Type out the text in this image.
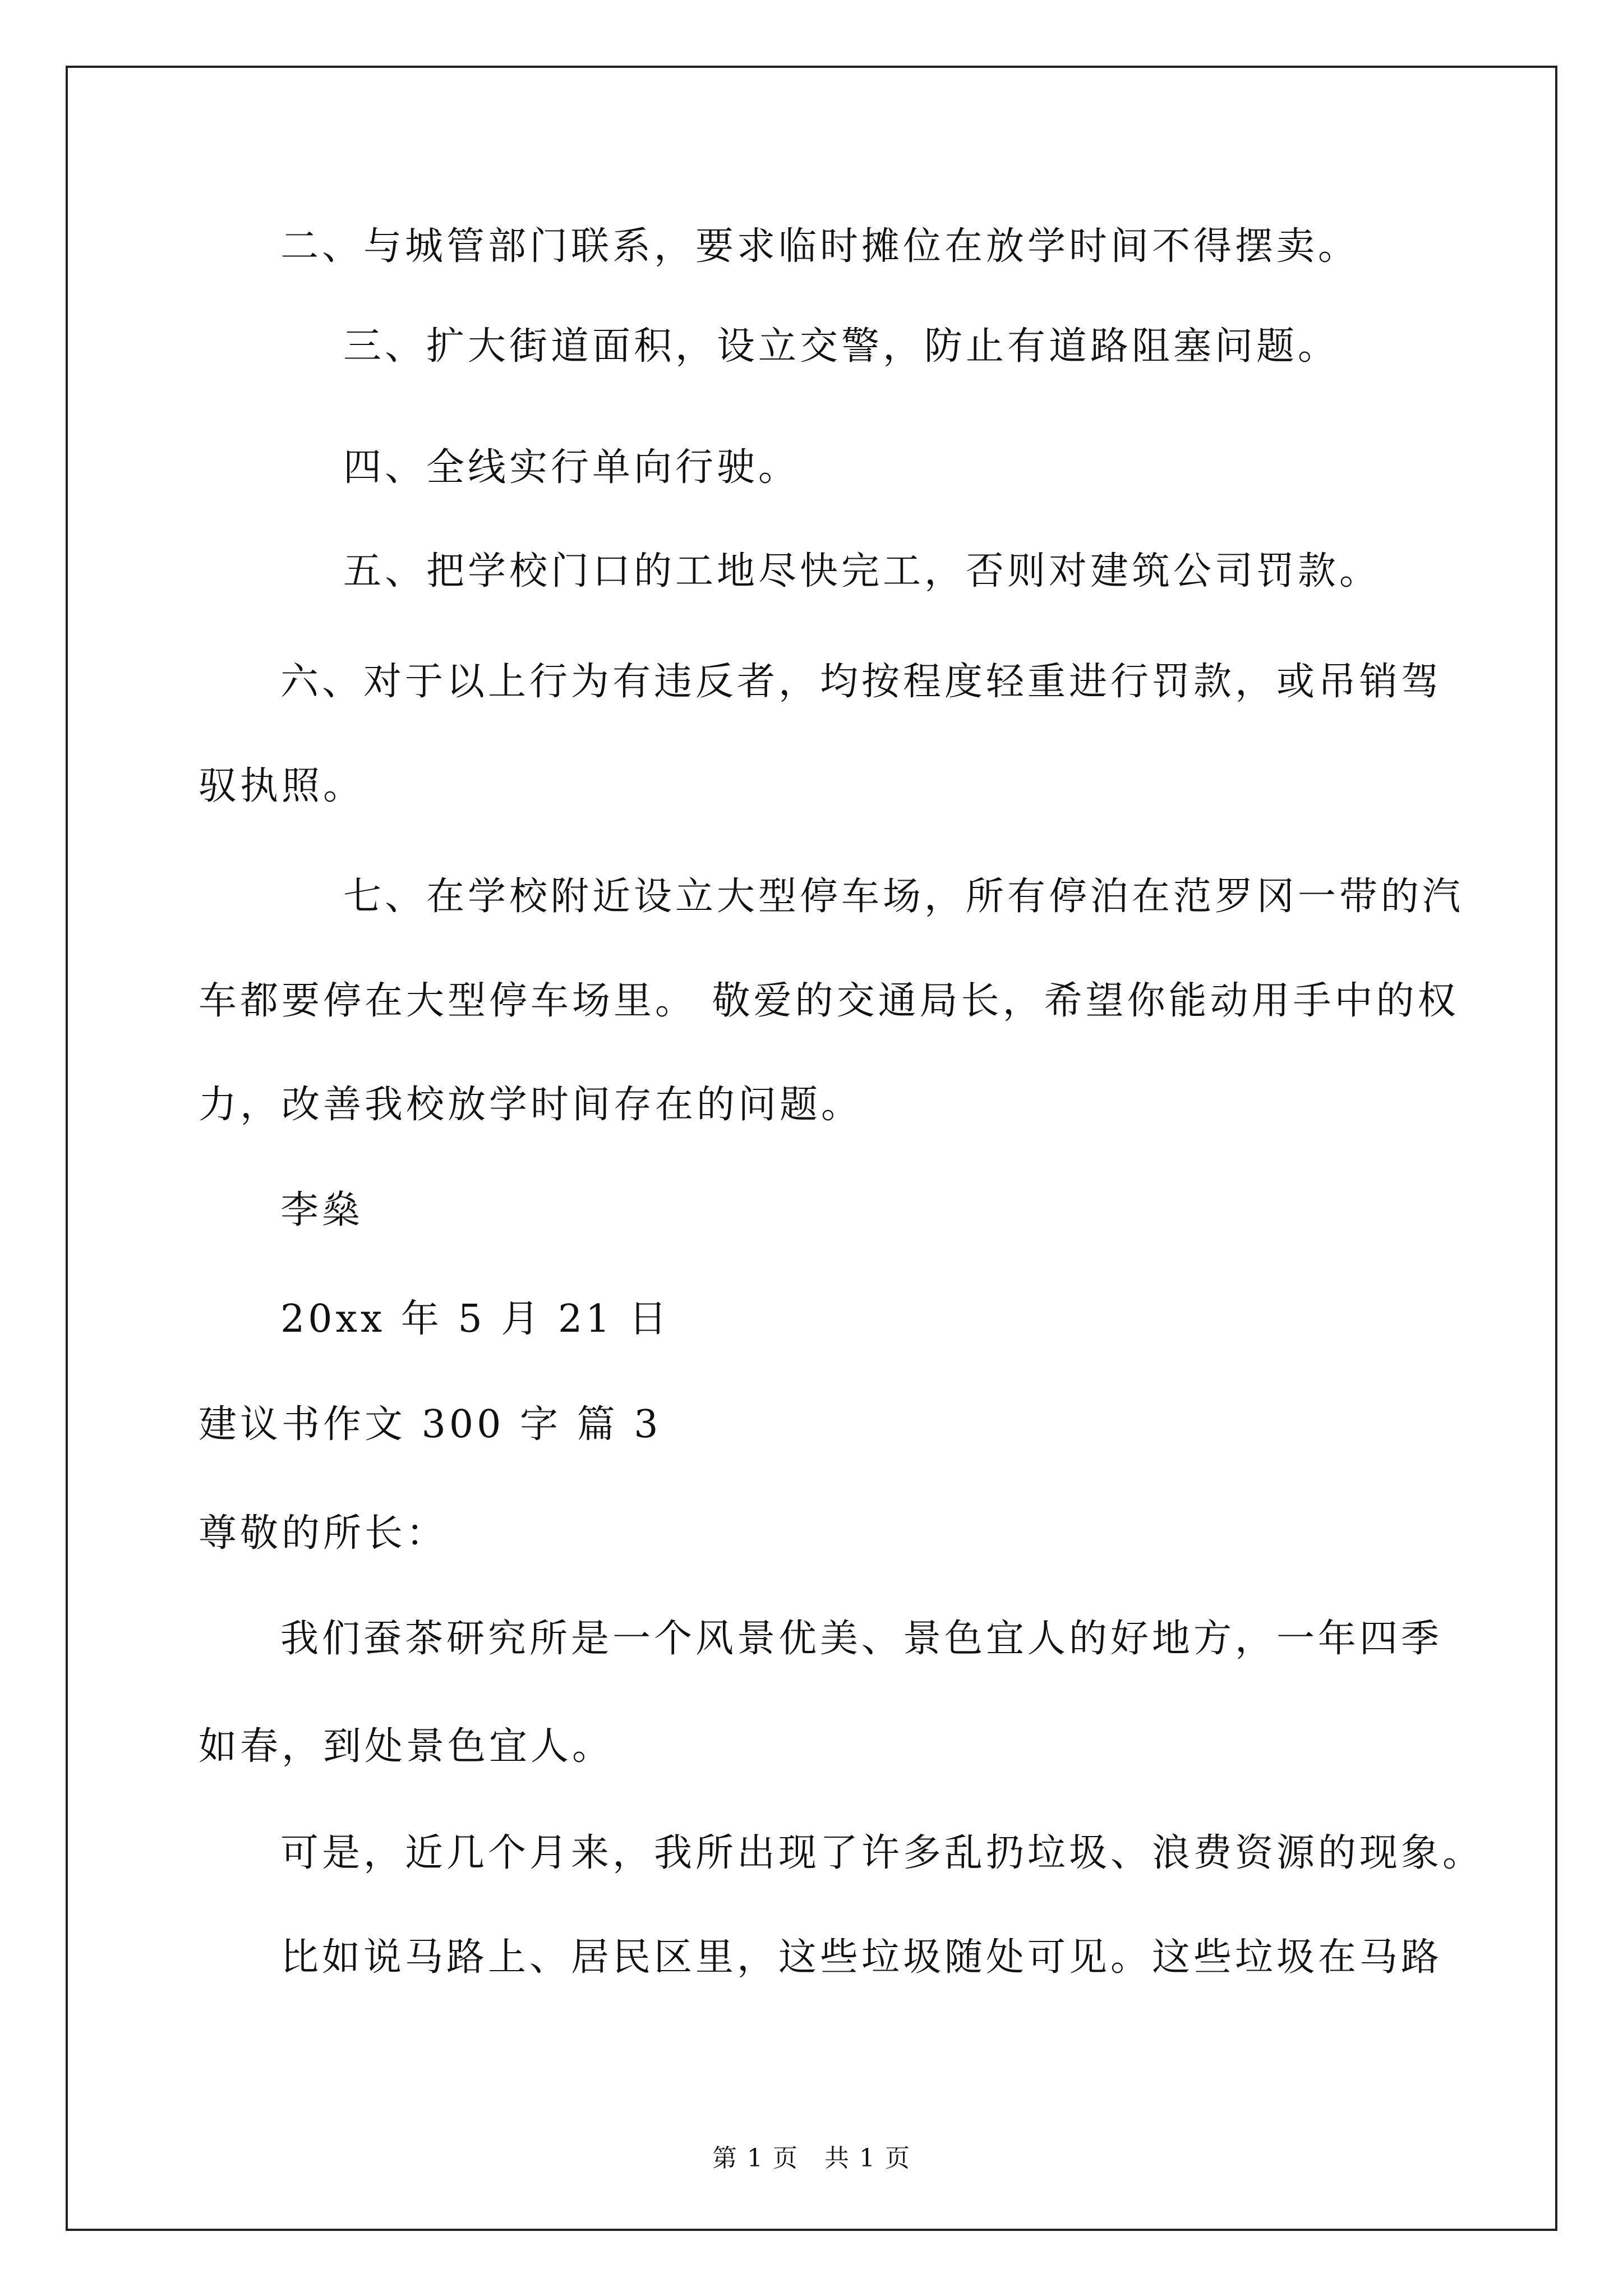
二、与城管部门联系，要求临时摊位在放学时间不得摆卖。
三、扩大街道面积，设立交警，防止有道路阻塞问题。
四、全线实行单向行驶。
五、把学校门口的工地尽快完工，否则对建筑公司罚款。
六、对于以上行为有违反者，均按程度轻重进行罚款，或吊销驾
驭执照。
七、在学校附近设立大型停车场，所有停泊在范罗冈一带的汽
车都要停在大型停车场里。 敬爱的交通局长，希望你能动用手中的权
力，改善我校放学时间存在的问题。
李燊
20xx 年 5 月 21 日
建议书作文 300 字 篇 3
尊敬的所长：
我们蚕茶研究所是一个风景优美、景色宜人的好地方，一年四季
如春，到处景色宜人。
可是，近几个月来，我所出现了许多乱扔垃圾、浪费资源的现象。
比如说马路上、居民区里，这些垃圾随处可见。这些垃圾在马路
第 1 页　共 1 页
